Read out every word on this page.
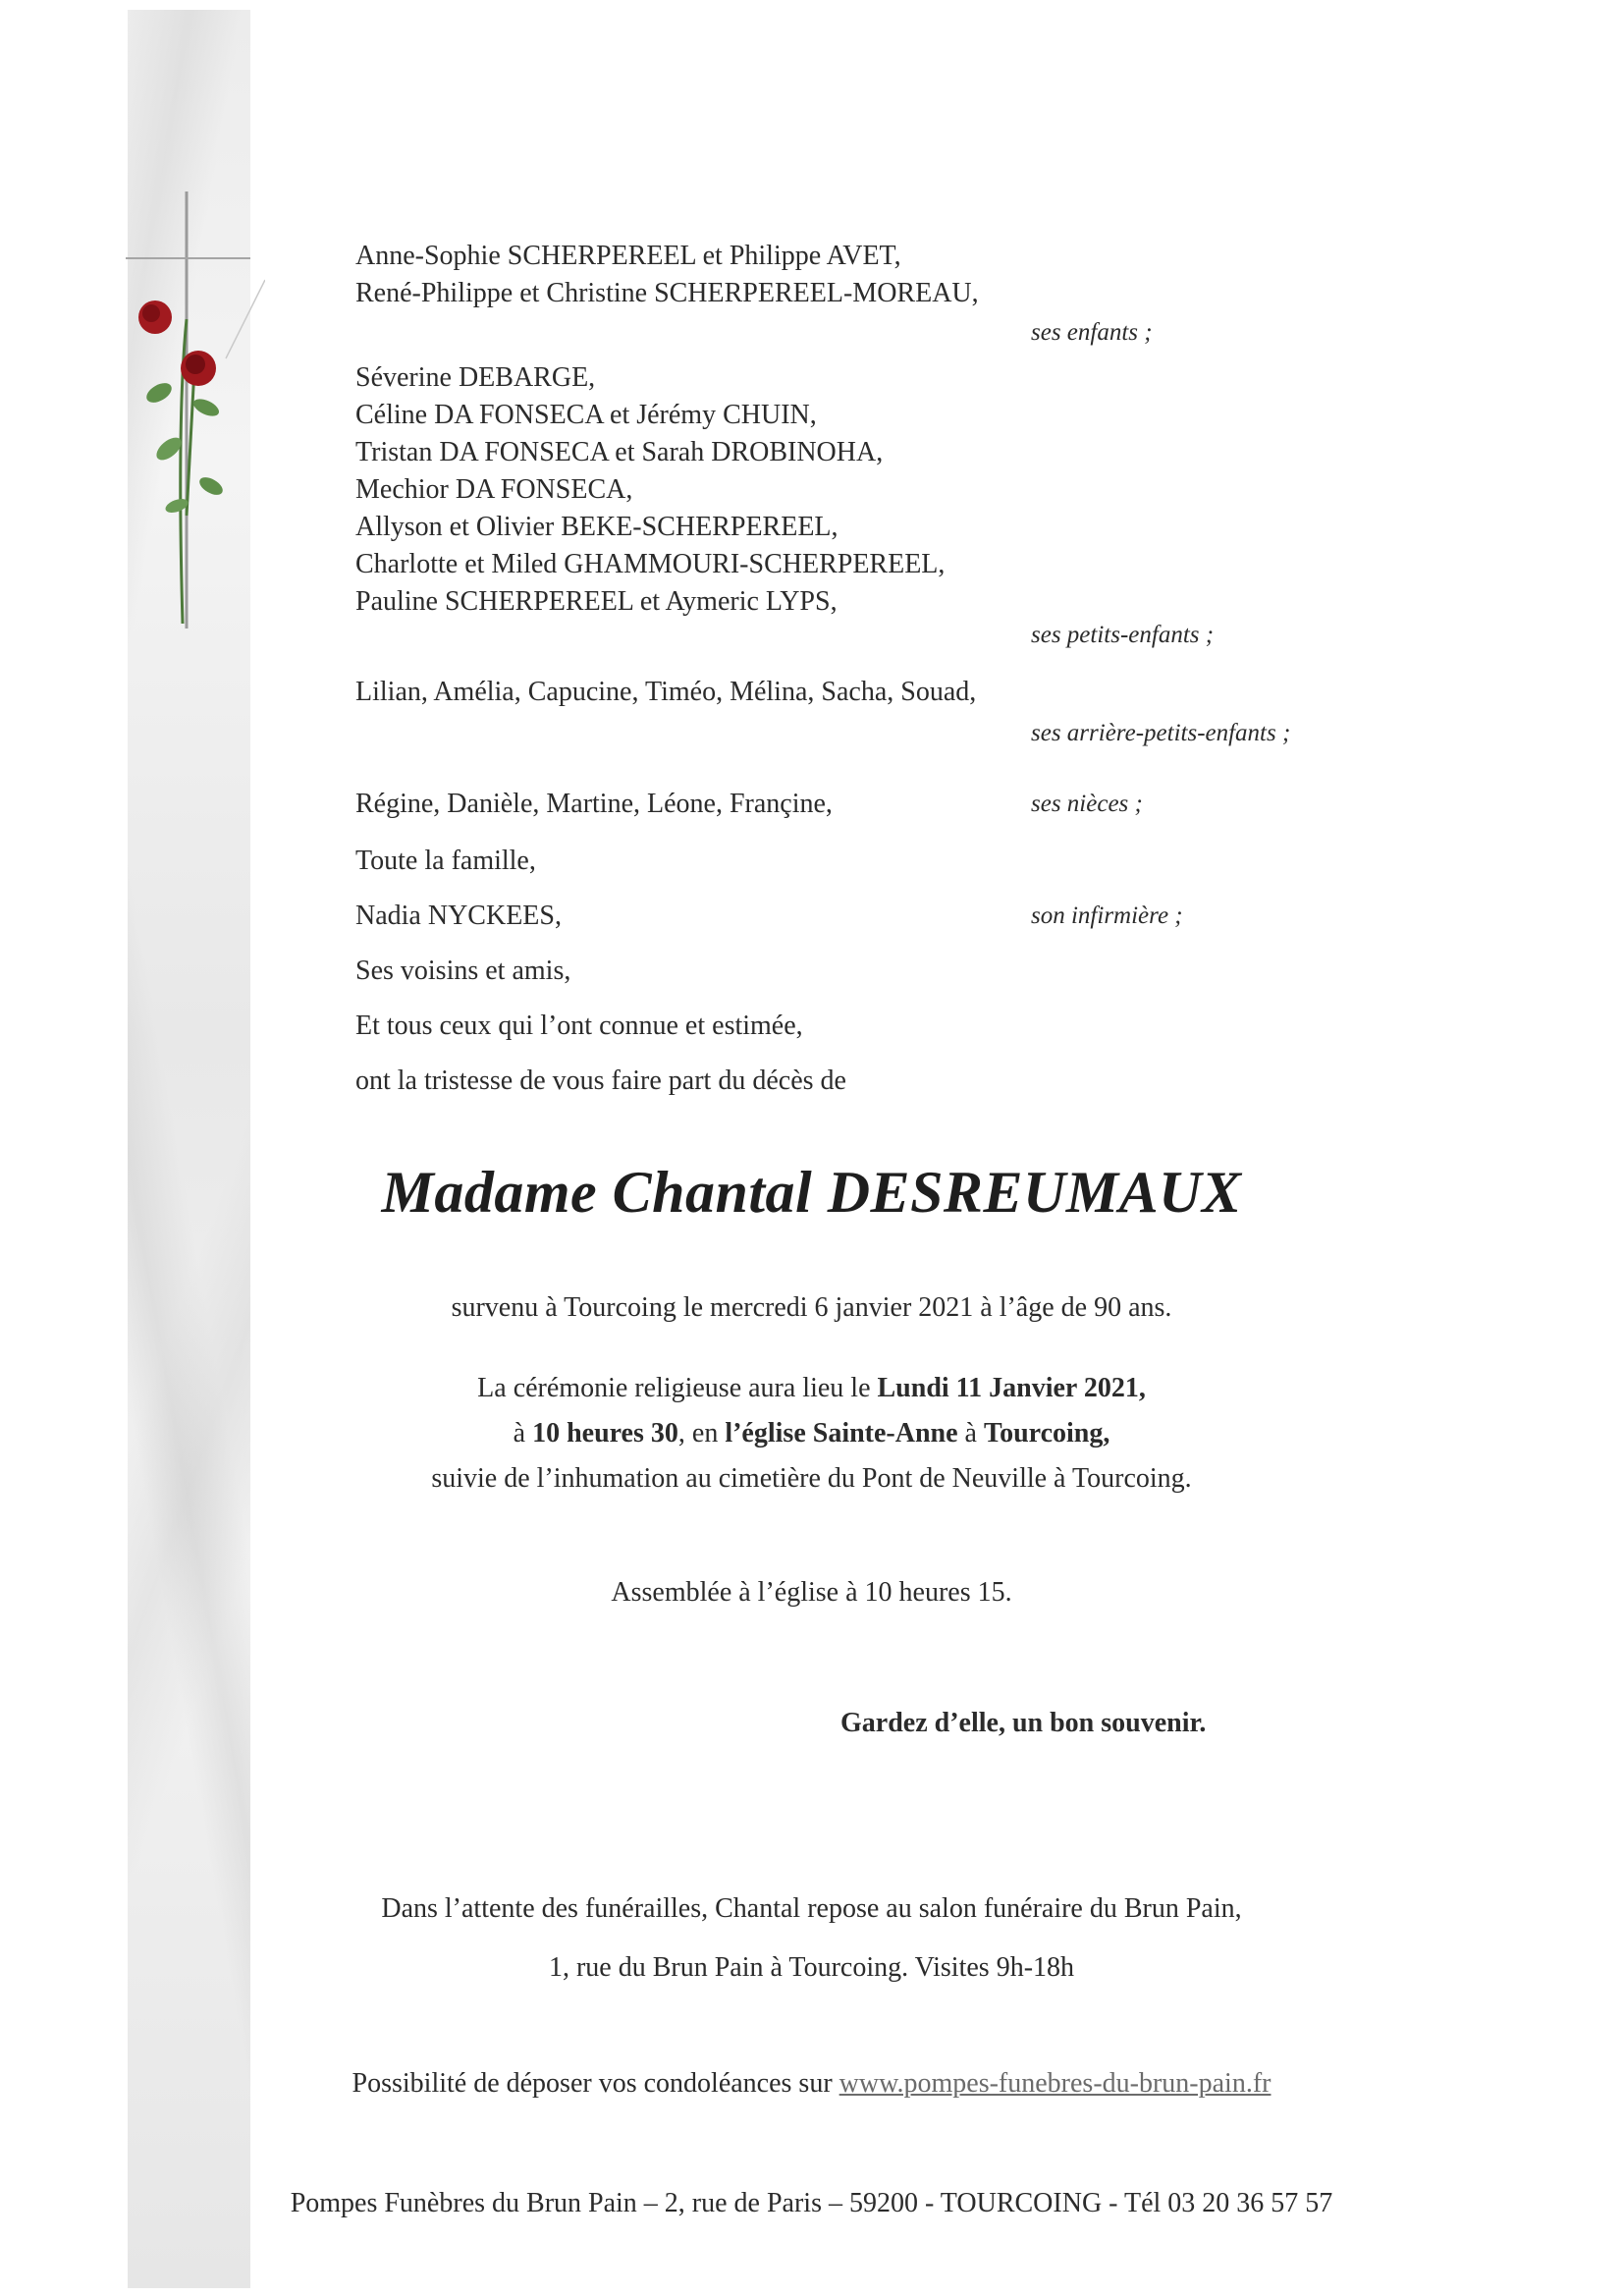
Anne-Sophie SCHERPEREEL et Philippe AVET,
René-Philippe et Christine SCHERPEREEL-MOREAU,
ses enfants ;
Séverine DEBARGE,
Céline DA FONSECA et Jérémy CHUIN,
Tristan DA FONSECA et Sarah DROBINOHA,
Mechior DA FONSECA,
Allyson et Olivier BEKE-SCHERPEREEL,
Charlotte et Miled GHAMMOURI-SCHERPEREEL,
Pauline SCHERPEREEL et Aymeric LYPS,
ses petits-enfants ;
Lilian, Amélia, Capucine, Timéo, Mélina, Sacha, Souad,
ses arrière-petits-enfants ;
Régine, Danièle, Martine, Léone, Françine,	ses nièces ;
Toute la famille,
Nadia NYCKEES,	son infirmière ;
Ses voisins et amis,
Et tous ceux qui l’ont connue et estimée,
ont la tristesse de vous faire part du décès de
Madame Chantal DESREUMAUX
survenu à Tourcoing le mercredi 6 janvier 2021 à l’âge de 90 ans.
La cérémonie religieuse aura lieu le Lundi 11 Janvier 2021,
à 10 heures 30, en l’église Sainte-Anne à Tourcoing,
suivie de l’inhumation au cimetière du Pont de Neuville à Tourcoing.
Assemblée à l’église à 10 heures 15.
Gardez d’elle, un bon souvenir.
Dans l’attente des funérailles, Chantal repose au salon funéraire du Brun Pain,
1, rue du Brun Pain à Tourcoing. Visites 9h-18h
Possibilité de déposer vos condoléances sur www.pompes-funebres-du-brun-pain.fr
Pompes Funèbres du Brun Pain – 2, rue de Paris – 59200 - TOURCOING - Tél 03 20 36 57 57
